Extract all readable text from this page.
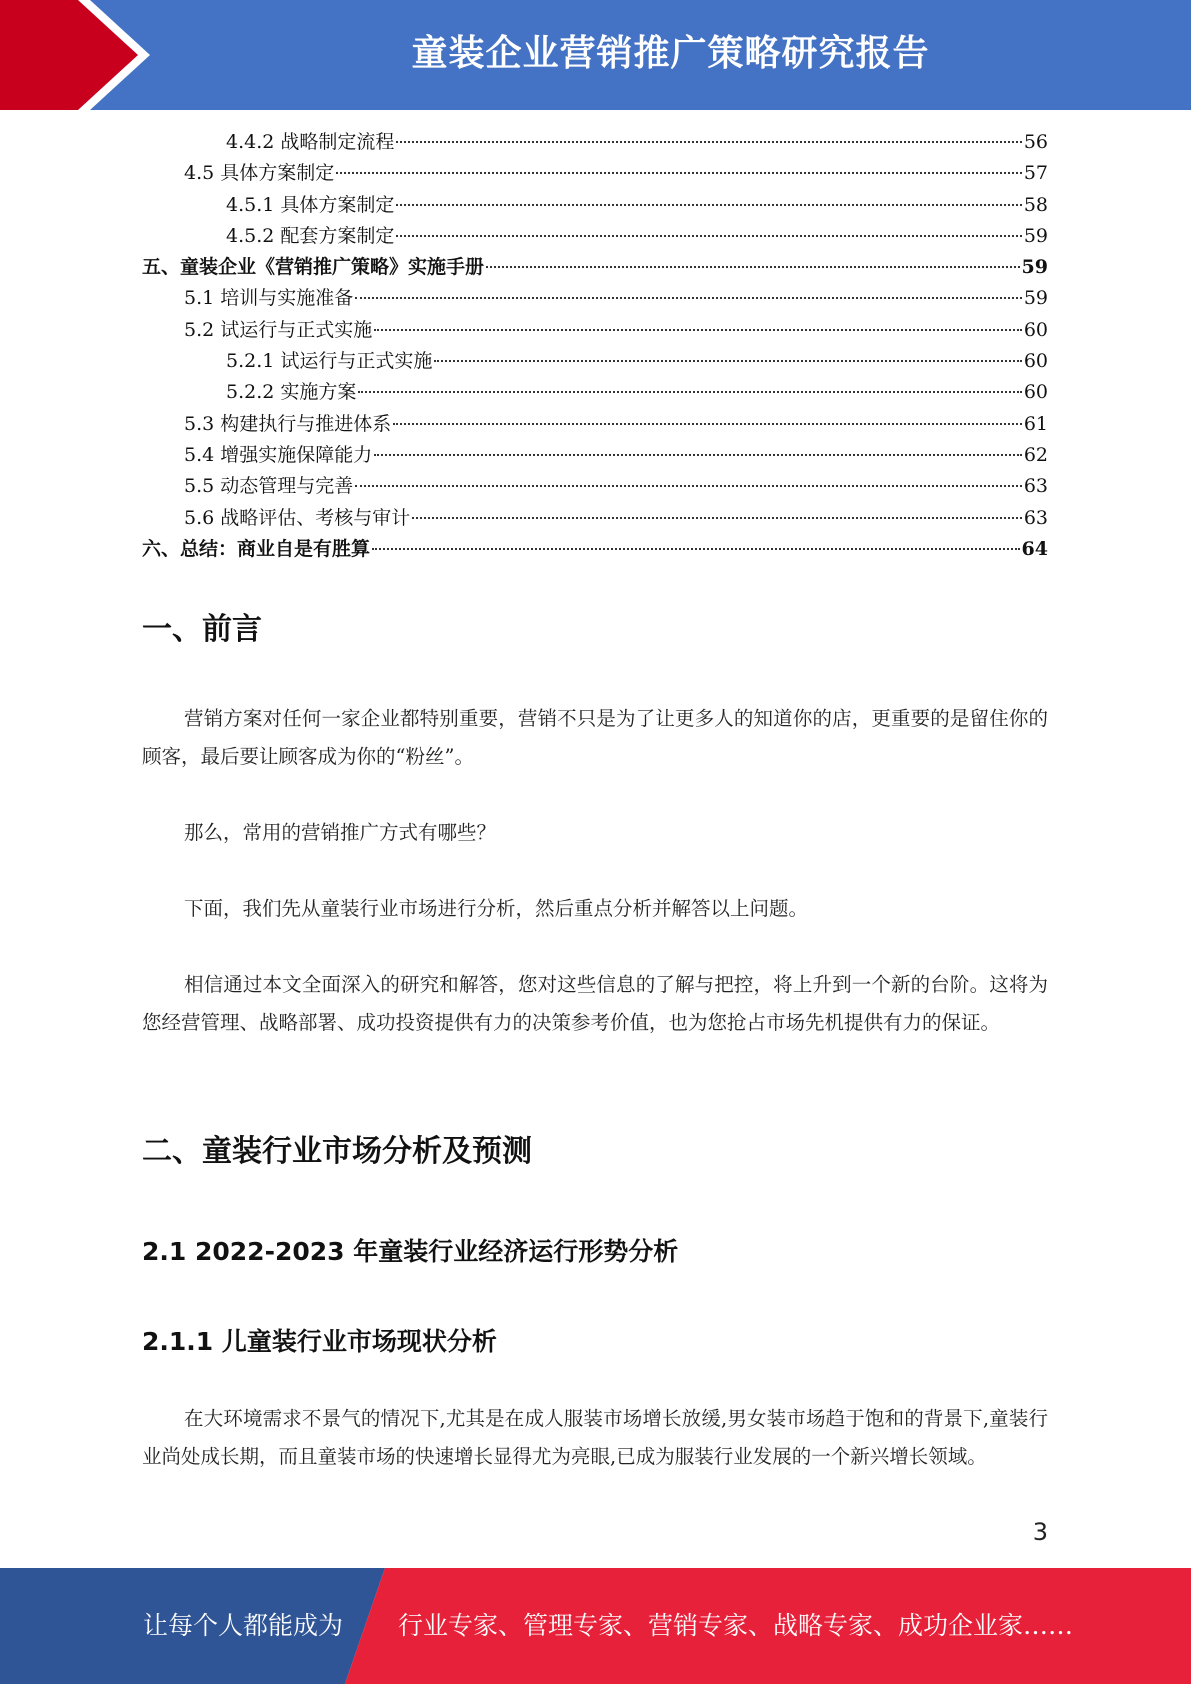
童装企业营销推广策略研究报告
4.4.2 战略制定流程	56
4.5 具体方案制定	57
4.5.1 具体方案制定	58
4.5.2 配套方案制定	59
五、童装企业《营销推广策略》实施手册	59
5.1 培训与实施准备	59
5.2 试运行与正式实施	60
5.2.1 试运行与正式实施	60
5.2.2 实施方案	60
5.3 构建执行与推进体系	61
5.4 增强实施保障能力	62
5.5 动态管理与完善	63
5.6 战略评估、考核与审计	63
六、总结：商业自是有胜算	64
一、前言
营销方案对任何一家企业都特别重要，营销不只是为了让更多人的知道你的店，更重要的是留住你的顾客，最后要让顾客成为你的“粉丝”。
那么，常用的营销推广方式有哪些？
下面，我们先从童装行业市场进行分析，然后重点分析并解答以上问题。
相信通过本文全面深入的研究和解答，您对这些信息的了解与把控，将上升到一个新的台阶。这将为您经营管理、战略部署、成功投资提供有力的决策参考价值，也为您抢占市场先机提供有力的保证。
二、童装行业市场分析及预测
2.1 2022-2023 年童装行业经济运行形势分析
2.1.1 儿童装行业市场现状分析
在大环境需求不景气的情况下,尤其是在成人服装市场增长放缓,男女装市场趋于饱和的背景下,童装行业尚处成长期，而且童装市场的快速增长显得尤为亮眼,已成为服装行业发展的一个新兴增长领域。
3
让每个人都能成为 行业专家、管理专家、营销专家、战略专家、成功企业家……
